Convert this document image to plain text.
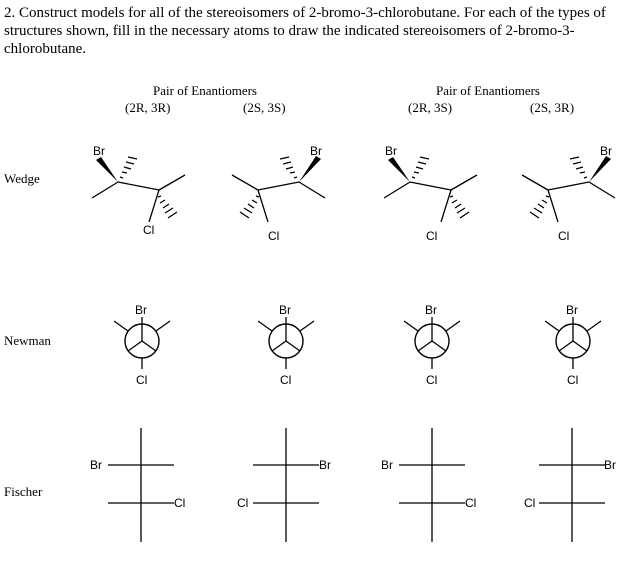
2. Construct models for all of the stereoisomers of 2-bromo-3-chlorobutane. For each of the types of structures shown, fill in the necessary atoms to draw the indicated stereoisomers of 2-bromo-3-chlorobutane.

Pair of Enantiomers
(2R, 3R)	(2S, 3S)
Pair of Enantiomers
(2R, 3S)	(2S, 3R)
Wedge
Newman
Fischer
Br
Cl
Br
Cl
Br
Cl
Br
Cl
Br
Cl
Br
Cl
Br
Cl
Br
Cl
Br
Cl
Br
Cl
Br
Cl
Br
Cl
